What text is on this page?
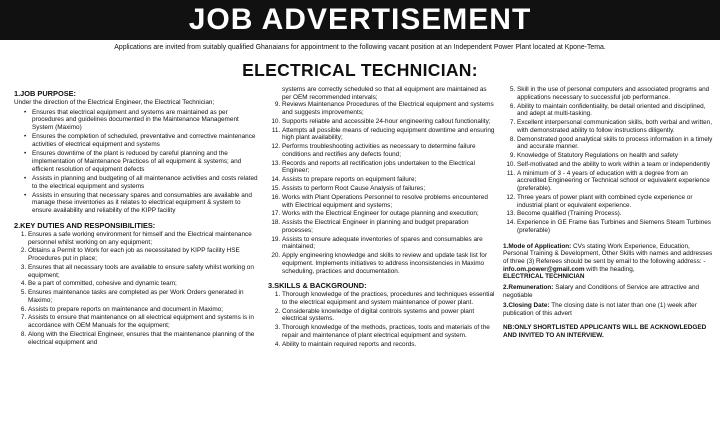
JOB ADVERTISEMENT
Applications are invited from suitably qualified Ghanaians for appointment to the following vacant position at an Independent Power Plant located at Kpone-Tema.
ELECTRICAL TECHNICIAN:
1.JOB PURPOSE:
Under the direction of the Electrical Engineer, the Electrical Technician;
• Ensures that electrical equipment and systems are maintained as per procedures and guidelines documented in the Maintenance Management System (Maximo)
• Ensures the completion of scheduled, preventative and corrective maintenance activities of electrical equipment and systems
• Ensures downtime of the plant is reduced by careful planning and the implementation of Maintenance Practices of all equipment & systems; and efficient resolution of equipment defects
• Assists in planning and budgeting of all maintenance activities and costs related to the electrical equipment and systems
• Assists in ensuring that necessary spares and consumables are available and manage these inventories as it relates to electrical equipment & system to ensure availability and reliability of the KIPP facility
2.KEY DUTIES AND RESPONSIBILITIES:
1. Ensures a safe working environment for himself and the Electrical maintenance personnel whilst working on any equipment;
2. Obtains a Permit to Work for each job as necessitated by KIPP facility HSE Procedures put in place;
3. Ensures that all necessary tools are available to ensure safety whilst working on equipment;
4. Be a part of committed, cohesive and dynamic team;
5. Ensures maintenance tasks are completed as per Work Orders generated in Maximo;
6. Assists to prepare reports on maintenance and document in Maximo;
7. Assists to ensure that maintenance on all electrical equipment and systems is in accordance with OEM Manuals for the equipment;
8. Along with the Electrical Engineer, ensures that the maintenance planning of the electrical equipment and
systems are correctly scheduled so that all equipment are maintained as per OEM recommended intervals;
9. Reviews Maintenance Procedures of the Electrical equipment and systems and suggests improvements;
10. Supports reliable and accessible 24-hour engineering callout functionality;
11. Attempts all possible means of reducing equipment downtime and ensuring high plant availability;
12. Performs troubleshooting activities as necessary to determine failure conditions and rectifies any defects found;
13. Records and reports all rectification jobs undertaken to the Electrical Engineer;
14. Assists to prepare reports on equipment failure;
15. Assists to perform Root Cause Analysis of failures;
16. Works with Plant Operations Personnel to resolve problems encountered with Electrical equipment and systems;
17. Works with the Electrical Engineer for outage planning and execution;
18. Assists the Electrical Engineer in planning and budget preparation processes;
19. Assists to ensure adequate inventories of spares and consumables are maintained;
20. Apply engineering knowledge and skills to review and update task list for equipment. Implements initiatives to address inconsistencies in Maximo scheduling, practices and documentation.
3.SKILLS & BACKGROUND:
1. Thorough knowledge of the practices, procedures and techniques essential to the electrical equipment and system maintenance of power plant.
2. Considerable knowledge of digital controls systems and power plant electrical systems.
3. Thorough knowledge of the methods, practices, tools and materials of the repair and maintenance of plant electrical equipment and system.
4. Ability to maintain required reports and records.
5. Skill in the use of personal computers and associated programs and applications necessary to successful job performance.
6. Ability to maintain confidentiality, be detail oriented and disciplined, and adept at multi-tasking.
7. Excellent interpersonal communication skills, both verbal and written, with demonstrated ability to follow instructions diligently.
8. Demonstrated good analytical skills to process information in a timely and accurate manner.
9. Knowledge of Statutory Regulations on health and safety
10. Self-motivated and the ability to work within a team or independently
11. A minimum of 3 - 4 years of education with a degree from an accredited Engineering or Technical school or equivalent experience (preferable).
12. Three years of power plant with combined cycle experience or industrial plant or equivalent experience.
13. Become qualified (Training Process).
14. Experience in GE Frame 6as Turbines and Siemens Steam Turbines (preferable)

1.Mode of Application: CVs stating Work Experience, Education, Personal Training & Development, Other Skills with names and addresses of three (3) Referees should be sent by email to the following address: -
info.om.power@gmail.com with the heading,
ELECTRICAL TECHNICIAN

2.Remuneration: Salary and Conditions of Service are attractive and negotiable

3.Closing Date: The closing date is not later than one (1) week after publication of this advert

NB:ONLY SHORTLISTED APPLICANTS WILL BE ACKNOWLEDGED AND INVITED TO AN INTERVIEW.
